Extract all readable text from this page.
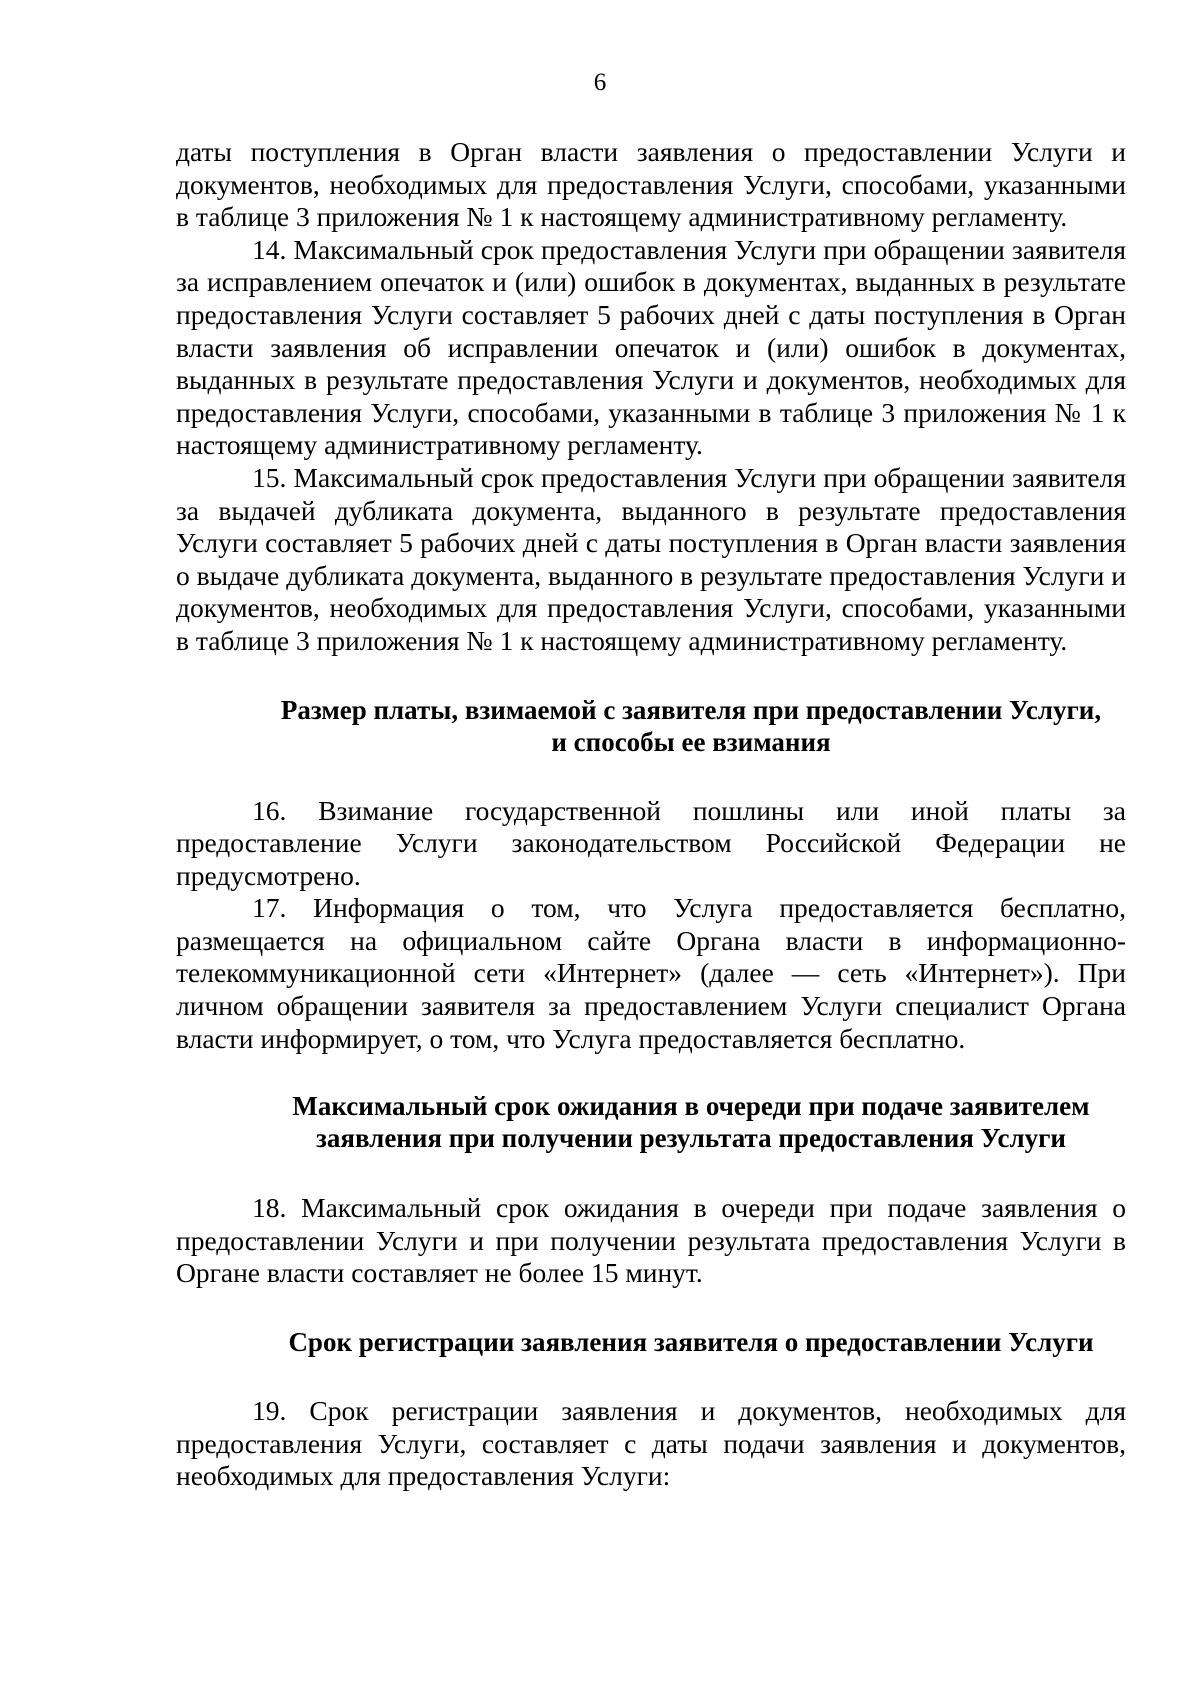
6

даты поступления в Орган власти заявления о предоставлении Услуги и документов, необходимых для предоставления Услуги, способами, указанными в таблице 3 приложения № 1 к настоящему административному регламенту.

14. Максимальный срок предоставления Услуги при обращении заявителя за исправлением опечаток и (или) ошибок в документах, выданных в результате предоставления Услуги составляет 5 рабочих дней с даты поступления в Орган власти заявления об исправлении опечаток и (или) ошибок в документах, выданных в результате предоставления Услуги и документов, необходимых для предоставления Услуги, способами, указанными в таблице 3 приложения № 1 к настоящему административному регламенту.

15. Максимальный срок предоставления Услуги при обращении заявителя за выдачей дубликата документа, выданного в результате предоставления Услуги составляет 5 рабочих дней с даты поступления в Орган власти заявления о выдаче дубликата документа, выданного в результате предоставления Услуги и документов, необходимых для предоставления Услуги, способами, указанными в таблице 3 приложения № 1 к настоящему административному регламенту.

Размер платы, взимаемой с заявителя при предоставлении Услуги,
и способы ее взимания

16. Взимание государственной пошлины или иной платы за предоставление Услуги законодательством Российской Федерации не предусмотрено.

17. Информация о том, что Услуга предоставляется бесплатно, размещается на официальном сайте Органа власти в информационно-телекоммуникационной сети «Интернет» (далее — сеть «Интернет»). При личном обращении заявителя за предоставлением Услуги специалист Органа власти информирует, о том, что Услуга предоставляется бесплатно.

Максимальный срок ожидания в очереди при подаче заявителем
заявления при получении результата предоставления Услуги

18. Максимальный срок ожидания в очереди при подаче заявления о предоставлении Услуги и при получении результата предоставления Услуги в Органе власти составляет не более 15 минут.

Срок регистрации заявления заявителя о предоставлении Услуги

19. Срок регистрации заявления и документов, необходимых для предоставления Услуги, составляет с даты подачи заявления и документов, необходимых для предоставления Услуги:
